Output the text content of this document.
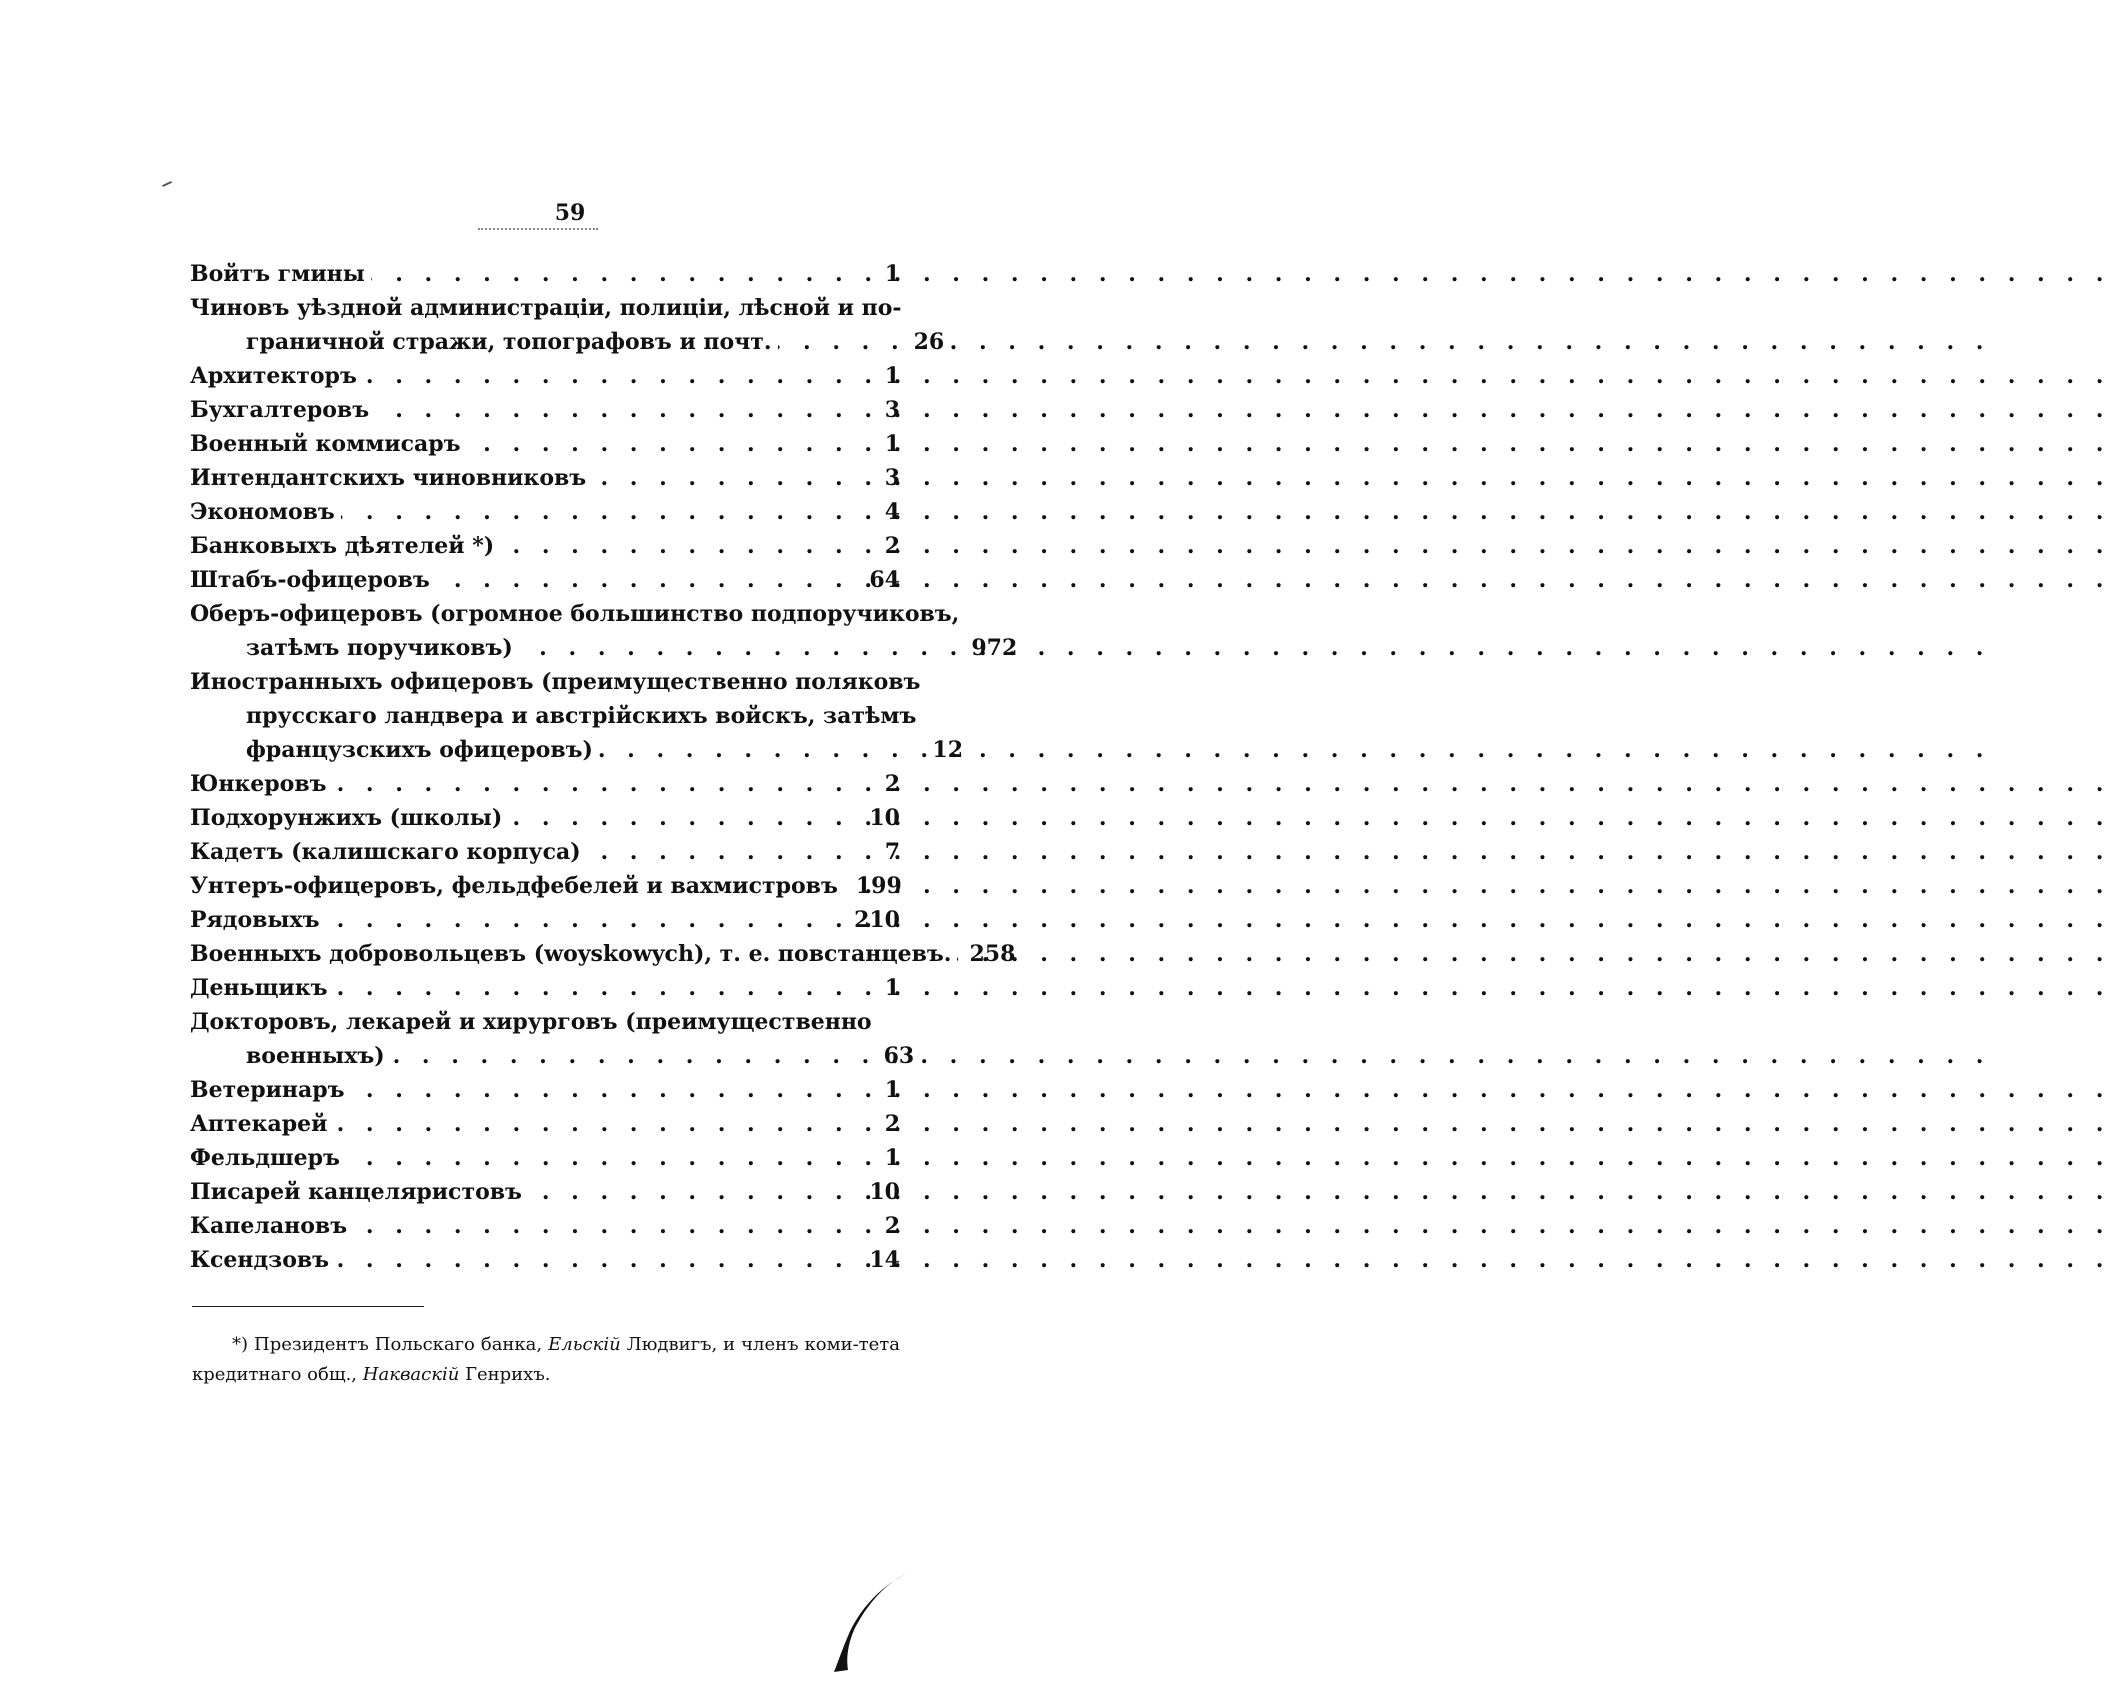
59
Войтъ гмины . . .	1
Чиновъ уѣздной администраціи, полиціи, лѣсной и по-
граничной стражи, топографовъ и почт. . . .	26
Архитекторъ . . .	1
Бухгалтеровъ . . .	3
Военный коммисаръ . . .	1
Интендантскихъ чиновниковъ . . .	3
Экономовъ . . .	4
Банковыхъ дѣятелей *) . . .	2
Штабъ-офицеровъ . . .	64
Оберъ-офицеровъ (огромное большинство подпоручиковъ,
затѣмъ поручиковъ) . . .	972
Иностранныхъ офицеровъ (преимущественно поляковъ
прусскаго ландвера и австрійскихъ войскъ, затѣмъ
французскихъ офицеровъ) . . .	12
Юнкеровъ . . .	2
Подхорунжихъ (школы) . . .	10
Кадетъ (калишскаго корпуса) . . .	7
Унтеръ-офицеровъ, фельдфебелей и вахмистровъ . . . 199
Рядовыхъ . . .	210
Военныхъ добровольцевъ (woyskowych), т. е. повстанцевъ. . . . 258
Деньщикъ . . .	1
Докторовъ, лекарей и хирурговъ (преимущественно
военныхъ) . . .	63
Ветеринаръ . . .	1
Аптекарей . . .	2
Фельдшеръ . . .	1
Писарей канцеляристовъ . . .	10
Капелановъ . . .	2
Ксендзовъ . . .	14
*) Президентъ Польскаго банка, Ельскій Людвигъ, и членъ коми-тета кредитнаго общ., Накваскій Генрихъ.
